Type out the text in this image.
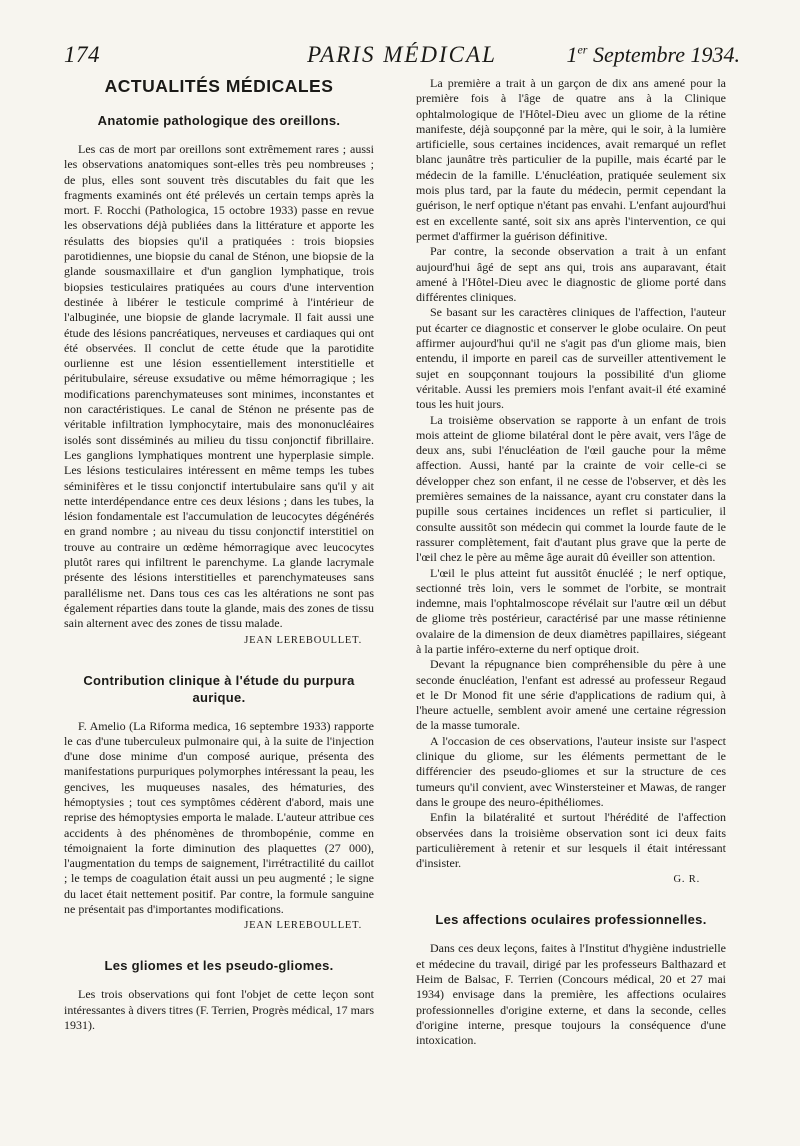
PARIS MÉDICAL
174	1er Septembre 1934.
ACTUALITÉS MÉDICALES
Anatomie pathologique des oreillons.

Les cas de mort par oreillons sont extrêmement rares ; aussi les observations anatomiques sont-elles très peu nombreuses ; de plus, elles sont souvent très discutables du fait que les fragments examinés ont été prélevés un certain temps après la mort. F. Rocchi (Pathologica, 15 octobre 1933) passe en revue les observations déjà publiées dans la littérature et apporte les résulatts des biopsies qu'il a pratiquées : trois biopsies parotidiennes, une biopsie du canal de Sténon, une biopsie de la glande sousmaxillaire et d'un ganglion lymphatique, trois biopsies testiculaires pratiquées au cours d'une intervention destinée à libérer le testicule comprimé à l'intérieur de l'albuginée, une biopsie de glande lacrymale. Il fait aussi une étude des lésions pancréatiques, nerveuses et cardiaques qui ont été observées. Il conclut de cette étude que la parotidite ourlienne est une lésion essentiellement interstitielle et péritubulaire, séreuse exsudative ou même hémorragique ; les modifications parenchymateuses sont minimes, inconstantes et non caractéristiques. Le canal de Sténon ne présente pas de véritable infiltration lymphocytaire, mais des mononucléaires isolés sont disséminés au milieu du tissu conjonctif fibrillaire. Les ganglions lymphatiques montrent une hyperplasie simple. Les lésions testiculaires intéressent en même temps les tubes séminifères et le tissu conjonctif intertubulaire sans qu'il y ait nette interdépendance entre ces deux lésions ; dans les tubes, la lésion fondamentale est l'accumulation de leucocytes dégénérés en grand nombre ; au niveau du tissu conjonctif interstitiel on trouve au contraire un œdème hémorragique avec leucocytes plutôt rares qui infiltrent le parenchyme. La glande lacrymale présente des lésions interstitielles et parenchymateuses sans parallélisme net. Dans tous ces cas les altérations ne sont pas également réparties dans toute la glande, mais des zones de tissu sain alternent avec des zones de tissu malade.

JEAN LEREBOULLET.
Contribution clinique à l'étude du purpura aurique.

F. Amelio (La Riforma medica, 16 septembre 1933) rapporte le cas d'une tuberculeux pulmonaire qui, à la suite de l'injection d'une dose minime d'un composé aurique, présenta des manifestations purpuriques polymorphes intéressant la peau, les gencives, les muqueuses nasales, des hématuries, des hémoptysies ; tout ces symptômes cédèrent d'abord, mais une reprise des hémoptysies emporta le malade. L'auteur attribue ces accidents à des phénomènes de thrombopénie, comme en témoignaient la forte diminution des plaquettes (27 000), l'augmentation du temps de saignement, l'irrétractilité du caillot ; le temps de coagulation était aussi un peu augmenté ; le signe du lacet était nettement positif. Par contre, la formule sanguine ne présentait pas d'importantes modifications.

JEAN LEREBOULLET.
Les gliomes et les pseudo-gliomes.

Les trois observations qui font l'objet de cette leçon sont intéressantes à divers titres (F. Terrien, Progrès médical, 17 mars 1931).

La première a trait à un garçon de dix ans amené pour la première fois à l'âge de quatre ans à la Clinique ophtalmologique de l'Hôtel-Dieu avec un gliome de la rétine manifeste, déjà soupçonné par la mère, qui le soir, à la lumière artificielle, sous certaines incidences, avait remarqué un reflet blanc jaunâtre très particulier de la pupille, mais écarté par le médecin de la famille. L'énucléation, pratiquée seulement six mois plus tard, par la faute du médecin, permit cependant la guérison, le nerf optique n'étant pas envahi. L'enfant aujourd'hui est en excellente santé, soit six ans après l'intervention, ce qui permet d'affirmer la guérison définitive.

Par contre, la seconde observation a trait à un enfant aujourd'hui âgé de sept ans qui, trois ans auparavant, était amené à l'Hôtel-Dieu avec le diagnostic de gliome porté dans différentes cliniques.

Se basant sur les caractères cliniques de l'affection, l'auteur put écarter ce diagnostic et conserver le globe oculaire. On peut affirmer aujourd'hui qu'il ne s'agit pas d'un gliome mais, bien entendu, il importe en pareil cas de surveiller attentivement le sujet en soupçonnant toujours la possibilité d'un gliome véritable. Aussi les premiers mois l'enfant avait-il été examiné tous les huit jours.

La troisième observation se rapporte à un enfant de trois mois atteint de gliome bilatéral dont le père avait, vers l'âge de deux ans, subi l'énucléation de l'œil gauche pour la même affection. Aussi, hanté par la crainte de voir celle-ci se développer chez son enfant, il ne cesse de l'observer, et dès les premières semaines de la naissance, ayant cru constater dans la pupille sous certaines incidences un reflet si particulier, il consulte aussitôt son médecin qui commet la lourde faute de le rassurer complètement, fait d'autant plus grave que la perte de l'œil chez le père au même âge aurait dû éveiller son attention.

L'œil le plus atteint fut aussitôt énucléé ; le nerf optique, sectionné très loin, vers le sommet de l'orbite, se montrait indemne, mais l'ophtalmoscope révélait sur l'autre œil un début de gliome très postérieur, caractérisé par une masse rétinienne ovalaire de la dimension de deux diamètres papillaires, siégeant à la partie inféro-externe du nerf optique droit.

Devant la répugnance bien compréhensible du père à une seconde énucléation, l'enfant est adressé au professeur Regaud et le Dr Monod fit une série d'applications de radium qui, à l'heure actuelle, semblent avoir amené une certaine régression de la masse tumorale.

A l'occasion de ces observations, l'auteur insiste sur l'aspect clinique du gliome, sur les éléments permettant de le différencier des pseudo-gliomes et sur la structure de ces tumeurs qu'il convient, avec Winstersteiner et Mawas, de ranger dans le groupe des neuro-épithéliomes.

Enfin la bilatéralité et surtout l'hérédité de l'affection observées dans la troisième observation sont ici deux faits particulièrement à retenir et sur lesquels il était intéressant d'insister.

G. R.
Les affections oculaires professionnelles.

Dans ces deux leçons, faites à l'Institut d'hygiène industrielle et médecine du travail, dirigé par les professeurs Balthazard et Heim de Balsac, F. Terrien (Concours médical, 20 et 27 mai 1934) envisage dans la première, les affections oculaires professionnelles d'origine externe, et dans la seconde, celles d'origine interne, presque toujours la conséquence d'une intoxication.
